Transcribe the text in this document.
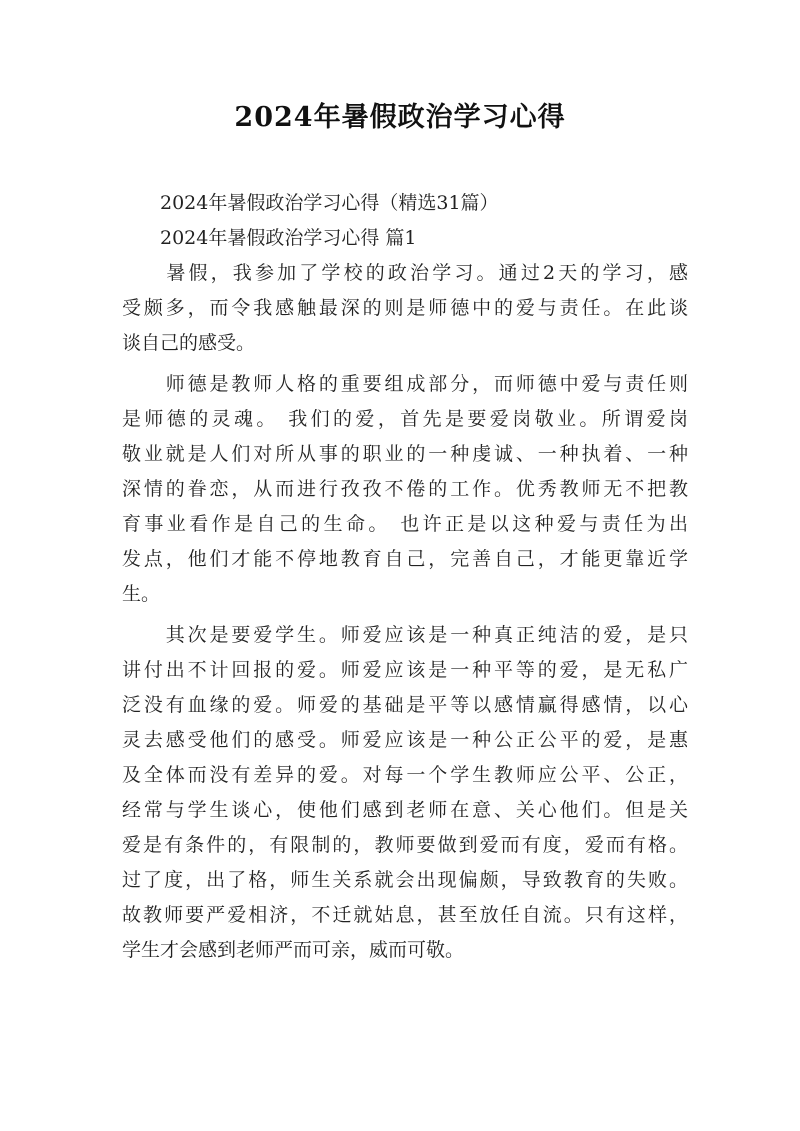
2024年暑假政治学习心得
2024年暑假政治学习心得（精选31篇）
2024年暑假政治学习心得 篇1
　　暑假，我参加了学校的政治学习。通过2天的学习，感
受颇多，而令我感触最深的则是师德中的爱与责任。在此谈
谈自己的感受。
　　师德是教师人格的重要组成部分，而师德中爱与责任则
是师德的灵魂。 我们的爱，首先是要爱岗敬业。所谓爱岗
敬业就是人们对所从事的职业的一种虔诚、一种执着、一种
深情的眷恋，从而进行孜孜不倦的工作。优秀教师无不把教
育事业看作是自己的生命。 也许正是以这种爱与责任为出
发点，他们才能不停地教育自己，完善自己，才能更靠近学
生。
　　其次是要爱学生。师爱应该是一种真正纯洁的爱，是只
讲付出不计回报的爱。师爱应该是一种平等的爱，是无私广
泛没有血缘的爱。师爱的基础是平等以感情赢得感情，以心
灵去感受他们的感受。师爱应该是一种公正公平的爱，是惠
及全体而没有差异的爱。对每一个学生教师应公平、公正，
经常与学生谈心，使他们感到老师在意、关心他们。但是关
爱是有条件的，有限制的，教师要做到爱而有度，爱而有格。
过了度，出了格，师生关系就会出现偏颇，导致教育的失败。
故教师要严爱相济，不迁就姑息，甚至放任自流。只有这样，
学生才会感到老师严而可亲，威而可敬。
